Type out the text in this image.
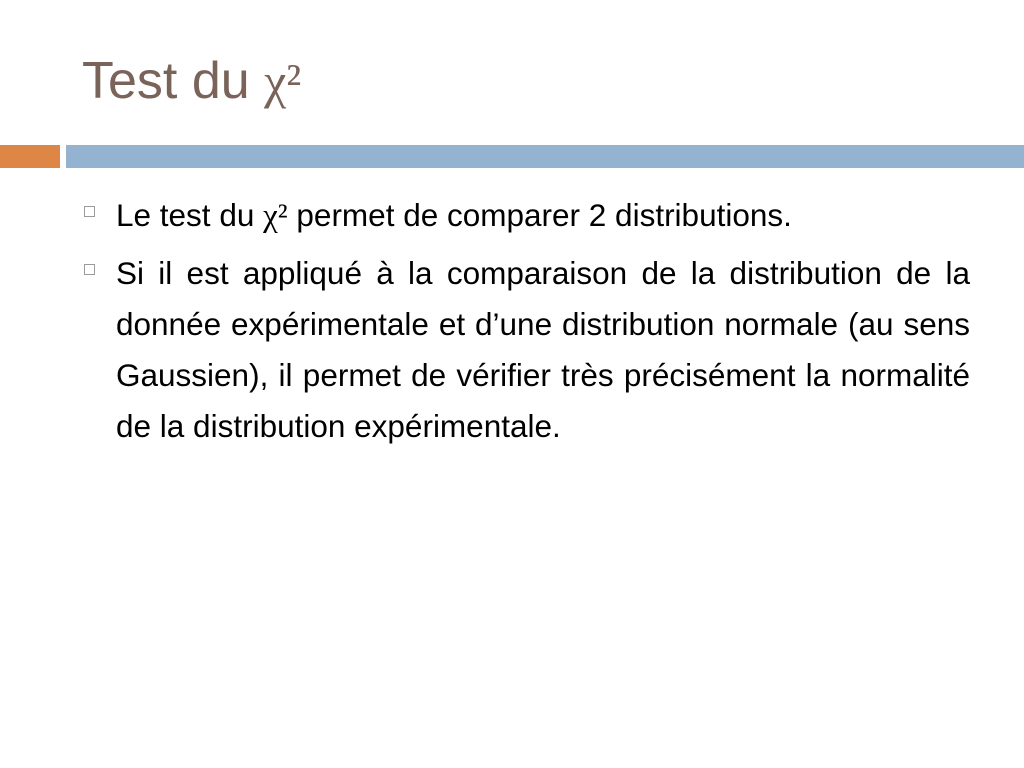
Test du χ²
Le test du χ² permet de comparer 2 distributions.
Si il est appliqué à la comparaison de la distribution de la donnée expérimentale et d’une distribution normale (au sens Gaussien), il permet de vérifier très précisément la normalité de la distribution expérimentale.
